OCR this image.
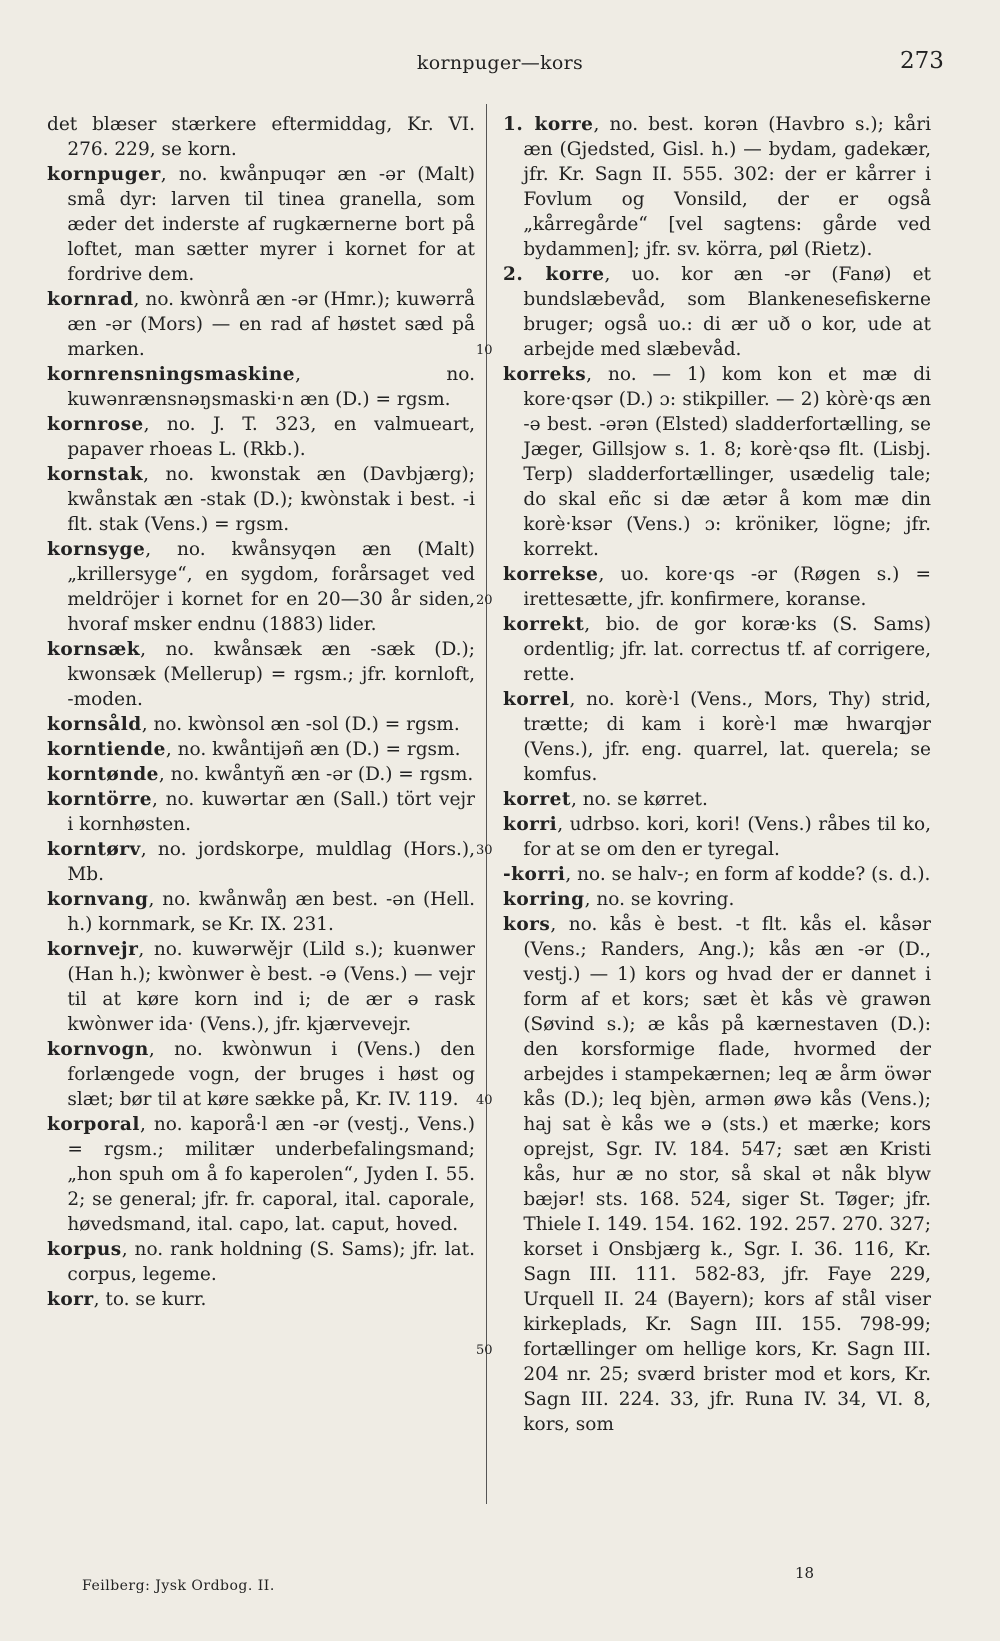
kornpuger—kors	273

det blæser stærkere eftermiddag, Kr. VI. 276. 229, se korn.

kornpuger, no. kwånpuqər æn -ər (Malt) små dyr: larven til tinea granella, som æder det inderste af rugkærnerne bort på loftet, man sætter myrer i kornet for at fordrive dem.

kornrad, no. kwònrå æn -ər (Hmr.); kuwərrå æn -ər (Mors) — en rad af høstet sæd på marken.

kornrensningsmaskine, no. kuwənrænsnəŋsmaski·n æn (D.) = rgsm.

kornrose, no. J. T. 323, en valmueart, papaver rhoeas L. (Rkb.).

kornstak, no. kwonstak æn (Davbjærg); kwånstak æn -stak (D.); kwònstak i best. -i flt. stak (Vens.) = rgsm.

kornsyge, no. kwånsyqən æn (Malt) „krillersyge“, en sygdom, forårsaget ved meldröjer i kornet for en 20—30 år siden, hvoraf msker endnu (1883) lider.

kornsæk, no. kwånsæk æn -sæk (D.); kwonsæk (Mellerup) = rgsm.; jfr. kornloft, -moden.

kornsåld, no. kwònsol æn -sol (D.) = rgsm.

korntiende, no. kwåntijəñ æn (D.) = rgsm.

korntønde, no. kwåntyñ æn -ər (D.) = rgsm.

korntörre, no. kuwərtar æn (Sall.) tört vejr i kornhøsten.

korntørv, no. jordskorpe, muldlag (Hors.), Mb.

kornvang, no. kwånwåŋ æn best. -ən (Hell. h.) kornmark, se Kr. IX. 231.

kornvejr, no. kuwərwějr (Lild s.); kuənwer (Han h.); kwònwer è best. -ə (Vens.) — vejr til at køre korn ind i; de ær ə rask kwònwer ida· (Vens.), jfr. kjærvevejr.

kornvogn, no. kwònwun i (Vens.) den forlængede vogn, der bruges i høst og slæt; bør til at køre sække på, Kr. IV. 119.

korporal, no. kaporå·l æn -ər (vestj., Vens.) = rgsm.; militær underbefalingsmand; „hon spuh om å fo kaperolen“, Jyden I. 55. 2; se general; jfr. fr. caporal, ital. caporale, høvedsmand, ital. capo, lat. caput, hoved.

korpus, no. rank holdning (S. Sams); jfr. lat. corpus, legeme.

korr, to. se kurr.

1. korre, no. best. korən (Havbro s.); kåri æn (Gjedsted, Gisl. h.) — bydam, gadekær, jfr. Kr. Sagn II. 555. 302: der er kårrer i Fovlum og Vonsild, der er også „kårregårde“ [vel sagtens: gårde ved bydammen]; jfr. sv. körra, pøl (Rietz).

2. korre, uo. kor æn -ər (Fanø) et bundslæbevåd, som Blankenesefiskerne bruger; også uo.: di ær uð o kor, ude at arbejde med slæbevåd.

korreks, no. — 1) kom kon et mæ di kore·qsər (D.) ɔ: stikpiller. — 2) kòrè·qs æn -ə best. -ərən (Elsted) sladderfortælling, se Jæger, Gillsjow s. 1. 8; korè·qsə flt. (Lisbj. Terp) sladderfortællinger, usædelig tale; do skal eñc si dæ ætər å kom mæ din korè·ksər (Vens.) ɔ: kröniker, lögne; jfr. korrekt.

korrekse, uo. kore·qs -ər (Røgen s.) = irettesætte, jfr. konfirmere, koranse.

korrekt, bio. de gor koræ·ks (S. Sams) ordentlig; jfr. lat. correctus tf. af corrigere, rette.

korrel, no. korè·l (Vens., Mors, Thy) strid, trætte; di kam i korè·l mæ hwarqjər (Vens.), jfr. eng. quarrel, lat. querela; se komfus.

korret, no. se kørret.

korri, udrbso. kori, kori! (Vens.) råbes til ko, for at se om den er tyregal.

-korri, no. se halv-; en form af kodde? (s. d.).

korring, no. se kovring.

kors, no. kås è best. -t flt. kås el. kåsər (Vens.; Randers, Ang.); kås æn -ər (D., vestj.) — 1) kors og hvad der er dannet i form af et kors; sæt èt kås vè grawən (Søvind s.); æ kås på kærnestaven (D.): den korsformige flade, hvormed der arbejdes i stampekærnen; leq æ årm öwər kås (D.); leq bjèn, armən øwə kås (Vens.); haj sat è kås we ə (sts.) et mærke; kors oprejst, Sgr. IV. 184. 547; sæt æn Kristi kås, hur æ no stor, så skal ət nåk blyw bæjər! sts. 168. 524, siger St. Tøger; jfr. Thiele I. 149. 154. 162. 192. 257. 270. 327; korset i Onsbjærg k., Sgr. I. 36. 116, Kr. Sagn III. 111. 582-83, jfr. Faye 229, Urquell II. 24 (Bayern); kors af stål viser kirkeplads, Kr. Sagn III. 155. 798-99; fortællinger om hellige kors, Kr. Sagn III. 204 nr. 25; sværd brister mod et kors, Kr. Sagn III. 224. 33, jfr. Runa IV. 34, VI. 8, kors, som

10
20
30
40
50
Feilberg: Jysk Ordbog. II.
18
